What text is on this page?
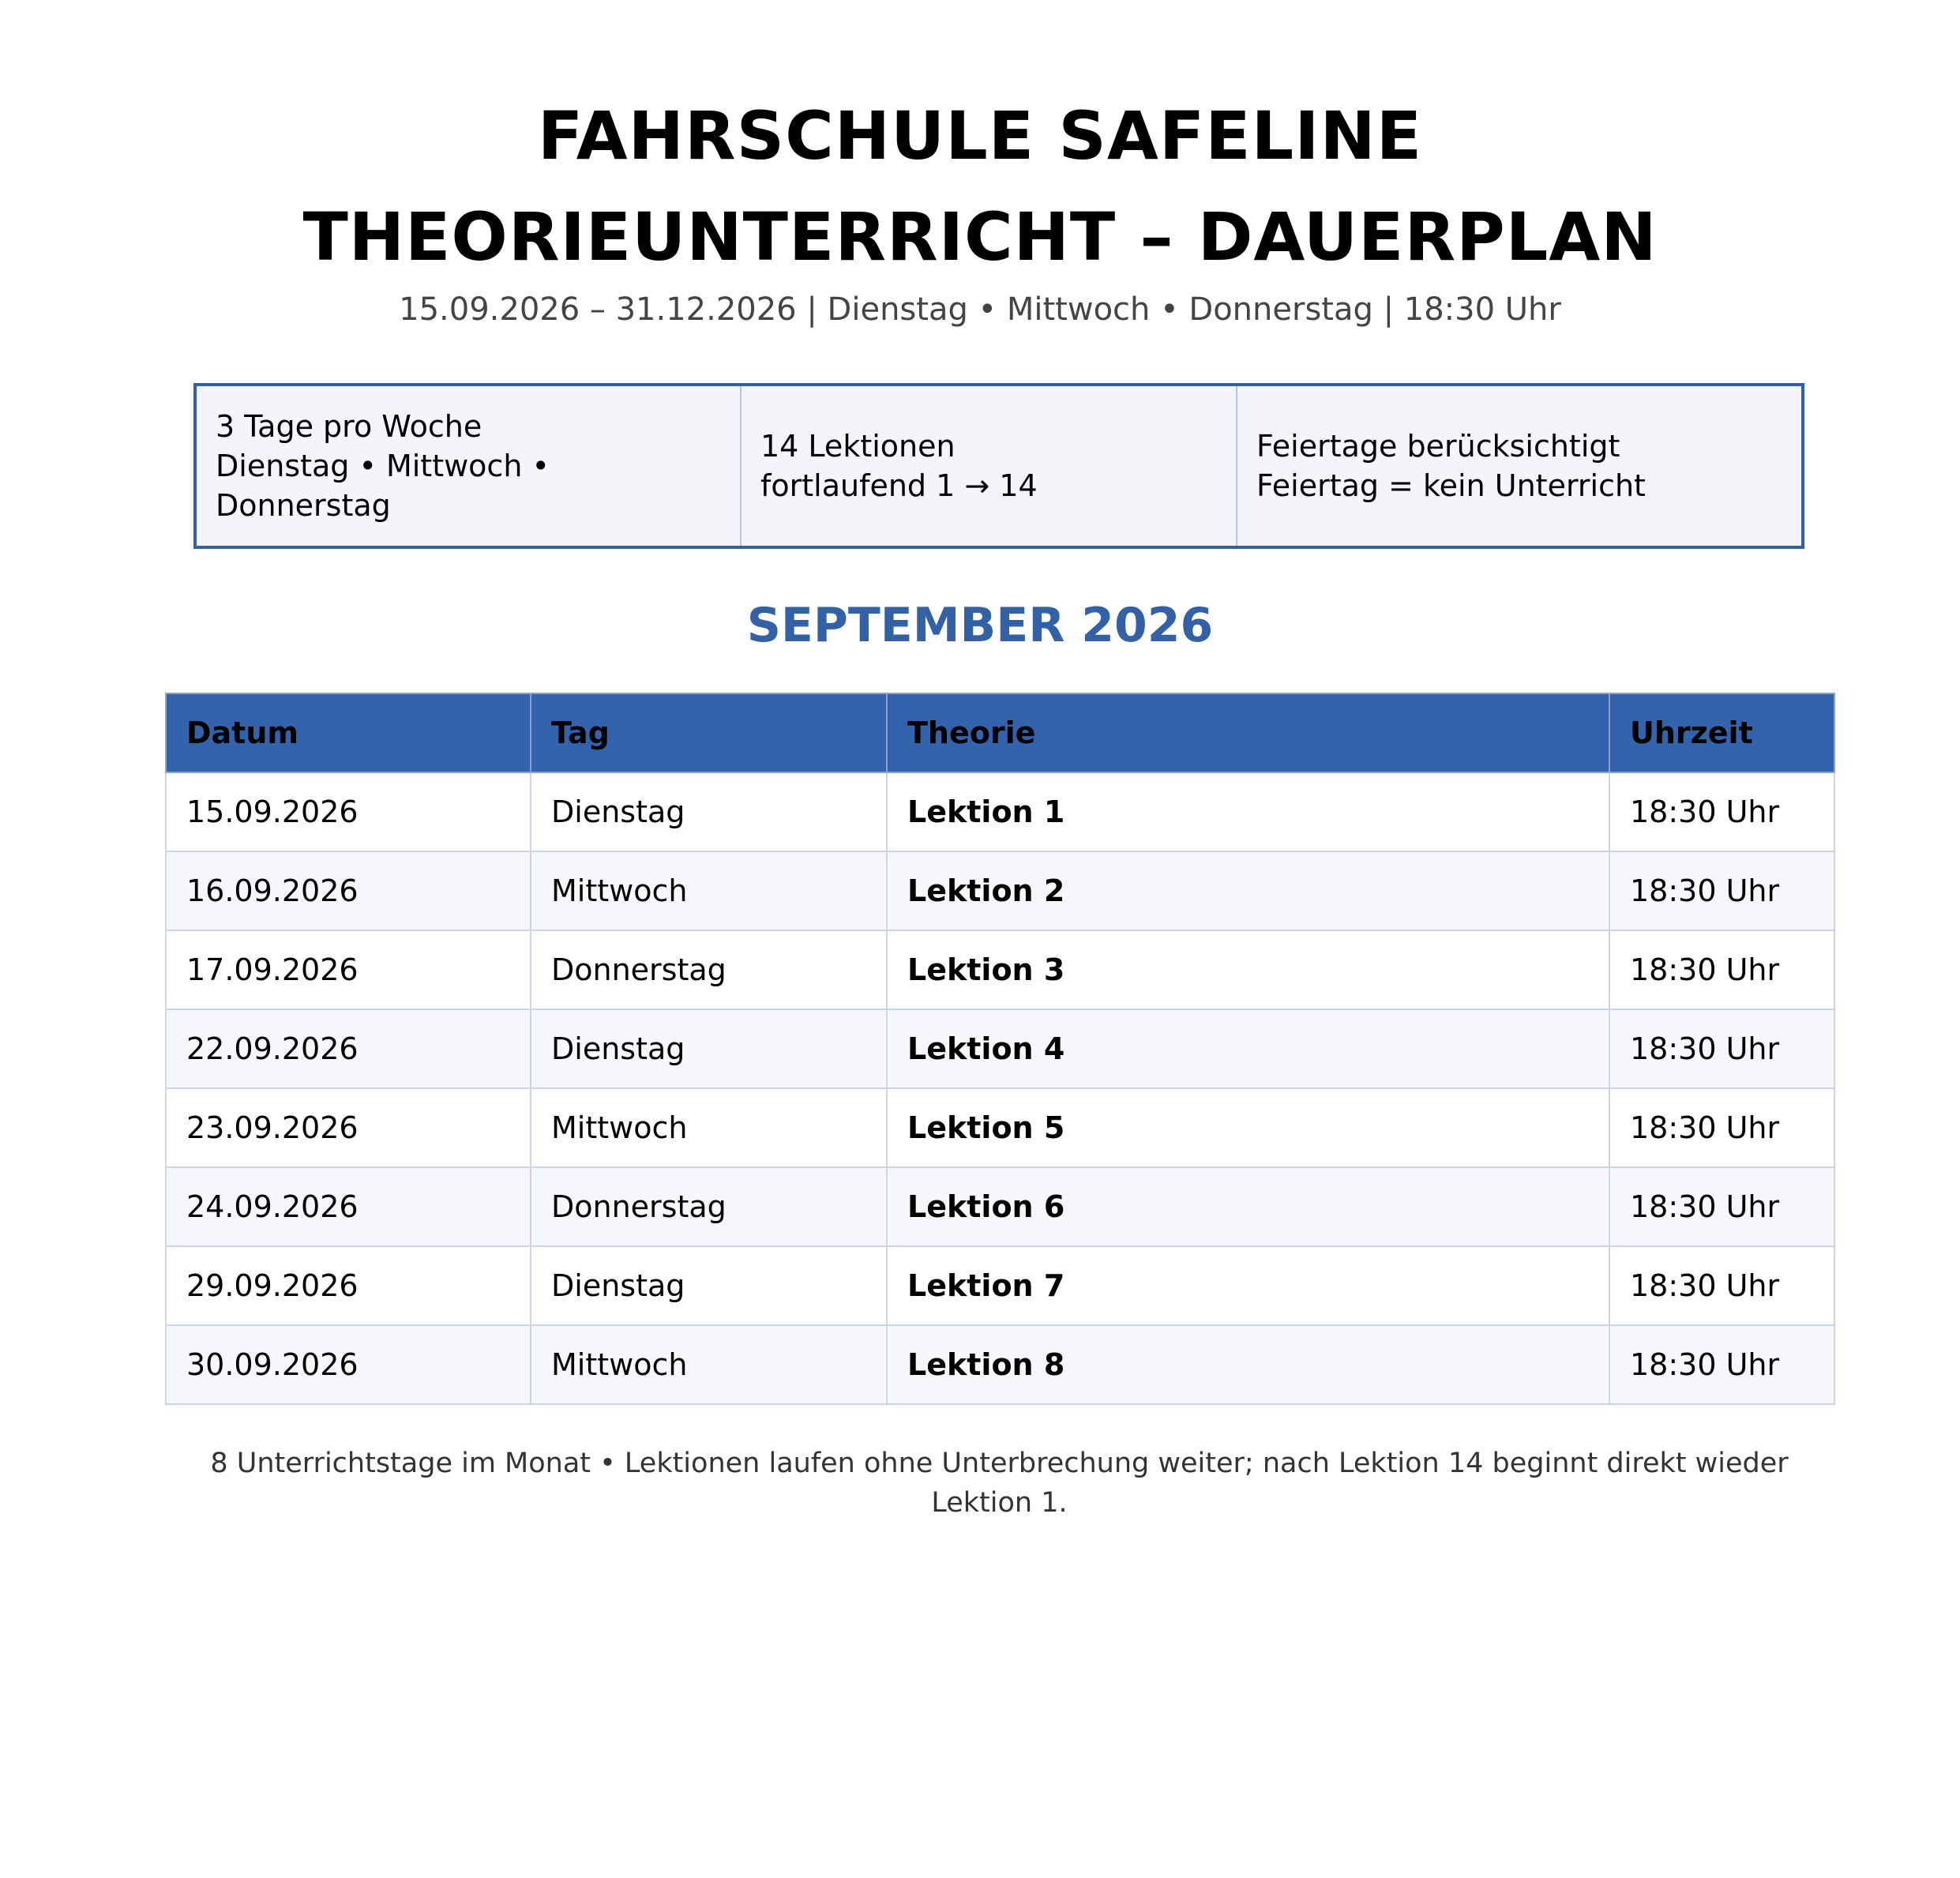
FAHRSCHULE SAFELINE
THEORIEUNTERRICHT – DAUERPLAN
15.09.2026 – 31.12.2026 | Dienstag • Mittwoch • Donnerstag | 18:30 Uhr
3 Tage pro Woche
Dienstag • Mittwoch • Donnerstag
14 Lektionen
fortlaufend 1 → 14
Feiertage berücksichtigt
Feiertag = kein Unterricht
SEPTEMBER 2026
Datum	Tag	Theorie	Uhrzeit
15.09.2026	Dienstag	Lektion 1	18:30 Uhr
16.09.2026	Mittwoch	Lektion 2	18:30 Uhr
17.09.2026	Donnerstag	Lektion 3	18:30 Uhr
22.09.2026	Dienstag	Lektion 4	18:30 Uhr
23.09.2026	Mittwoch	Lektion 5	18:30 Uhr
24.09.2026	Donnerstag	Lektion 6	18:30 Uhr
29.09.2026	Dienstag	Lektion 7	18:30 Uhr
30.09.2026	Mittwoch	Lektion 8	18:30 Uhr
8 Unterrichtstage im Monat • Lektionen laufen ohne Unterbrechung weiter; nach Lektion 14 beginnt direkt wieder Lektion 1.
